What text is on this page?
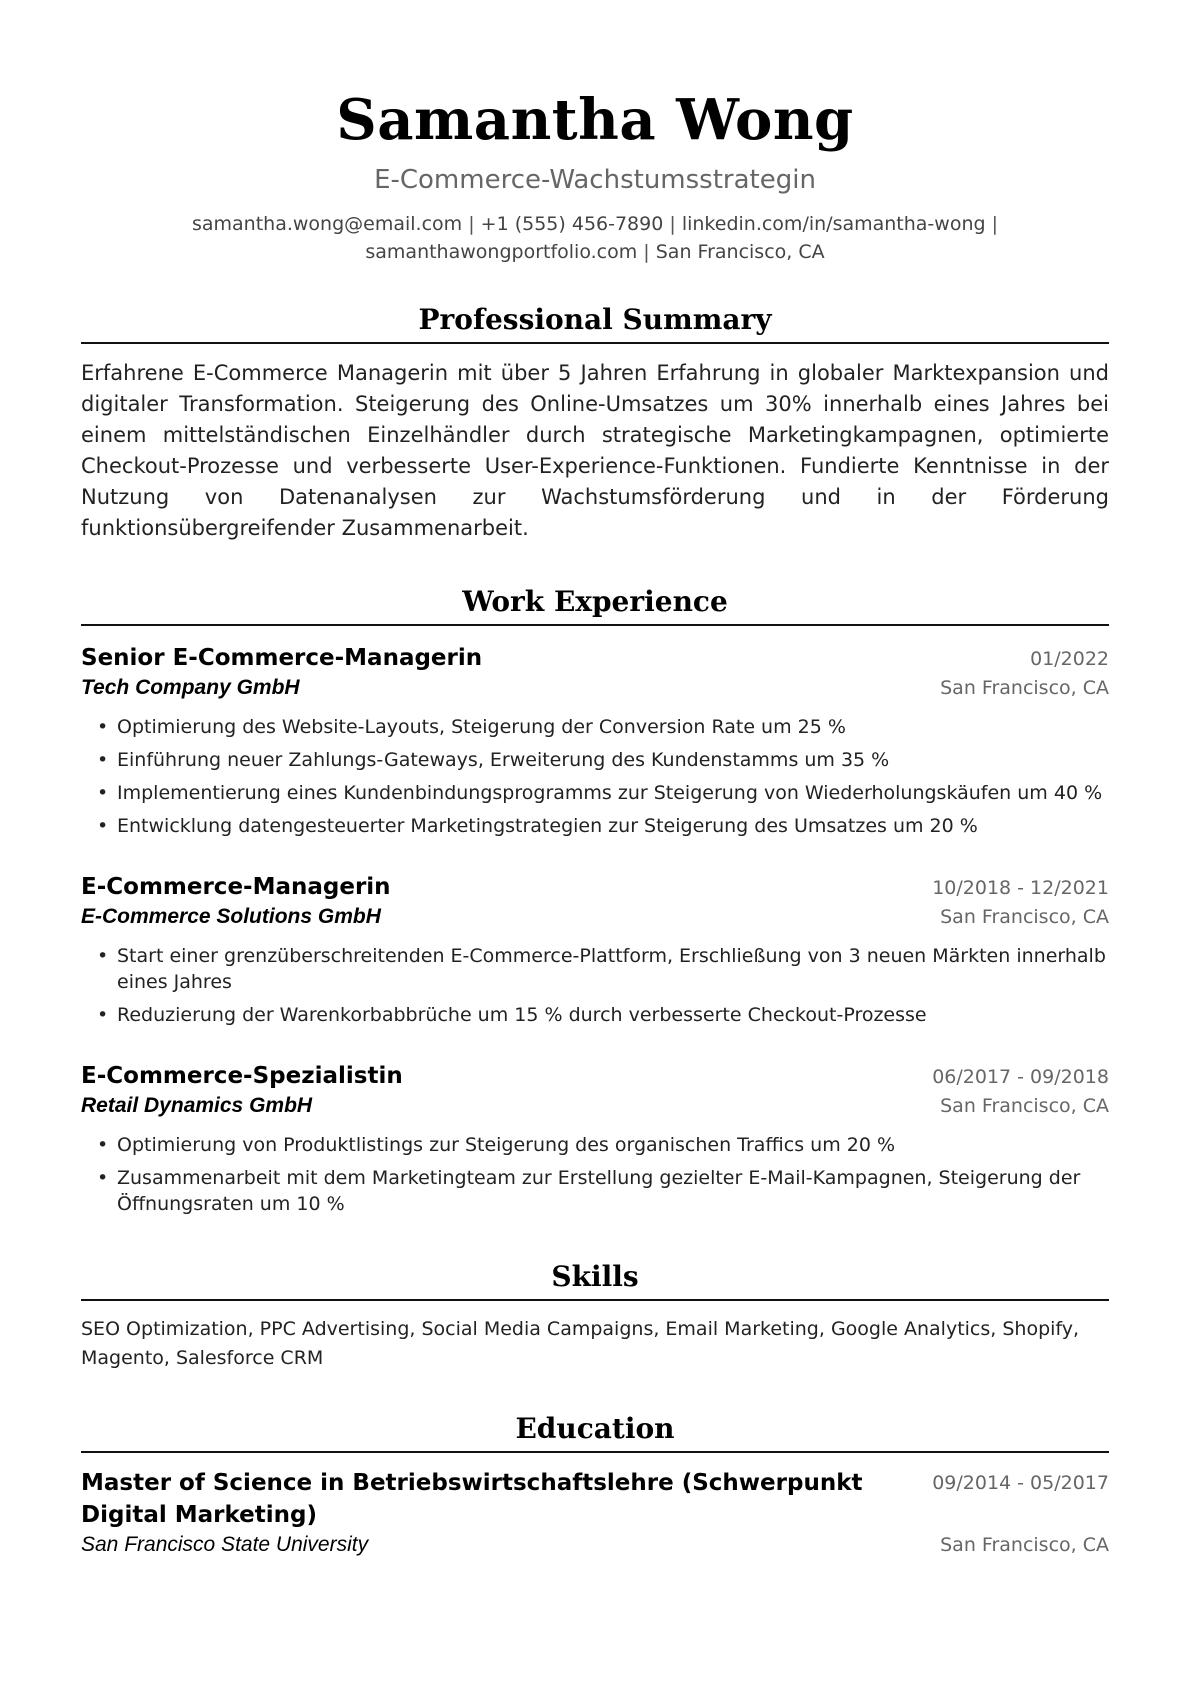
Samantha Wong
E-Commerce-Wachstumsstrategin
samantha.wong@email.com | +1 (555) 456-7890 | linkedin.com/in/samantha-wong |
samanthawongportfolio.com | San Francisco, CA
Professional Summary
Erfahrene E-Commerce Managerin mit über 5 Jahren Erfahrung in globaler Marktexpansion und digitaler Transformation. Steigerung des Online-Umsatzes um 30% innerhalb eines Jahres bei einem mittelständischen Einzelhändler durch strategische Marketingkampagnen, optimierte Checkout-Prozesse und verbesserte User-Experience-Funktionen. Fundierte Kenntnisse in der Nutzung von Datenanalysen zur Wachstumsförderung und in der Förderung funktionsübergreifender Zusammenarbeit.
Work Experience
Senior E-Commerce-Managerin	01/2022
Tech Company GmbH	San Francisco, CA
• Optimierung des Website-Layouts, Steigerung der Conversion Rate um 25 %
• Einführung neuer Zahlungs-Gateways, Erweiterung des Kundenstamms um 35 %
• Implementierung eines Kundenbindungsprogramms zur Steigerung von Wiederholungskäufen um 40 %
• Entwicklung datengesteuerter Marketingstrategien zur Steigerung des Umsatzes um 20 %
E-Commerce-Managerin	10/2018 - 12/2021
E-Commerce Solutions GmbH	San Francisco, CA
• Start einer grenzüberschreitenden E-Commerce-Plattform, Erschließung von 3 neuen Märkten innerhalb eines Jahres
• Reduzierung der Warenkorbabbrüche um 15 % durch verbesserte Checkout-Prozesse
E-Commerce-Spezialistin	06/2017 - 09/2018
Retail Dynamics GmbH	San Francisco, CA
• Optimierung von Produktlistings zur Steigerung des organischen Traffics um 20 %
• Zusammenarbeit mit dem Marketingteam zur Erstellung gezielter E-Mail-Kampagnen, Steigerung der Öffnungsraten um 10 %
Skills
SEO Optimization, PPC Advertising, Social Media Campaigns, Email Marketing, Google Analytics, Shopify, Magento, Salesforce CRM
Education
Master of Science in Betriebswirtschaftslehre (Schwerpunkt Digital Marketing)
09/2014 - 05/2017
San Francisco State University	San Francisco, CA
